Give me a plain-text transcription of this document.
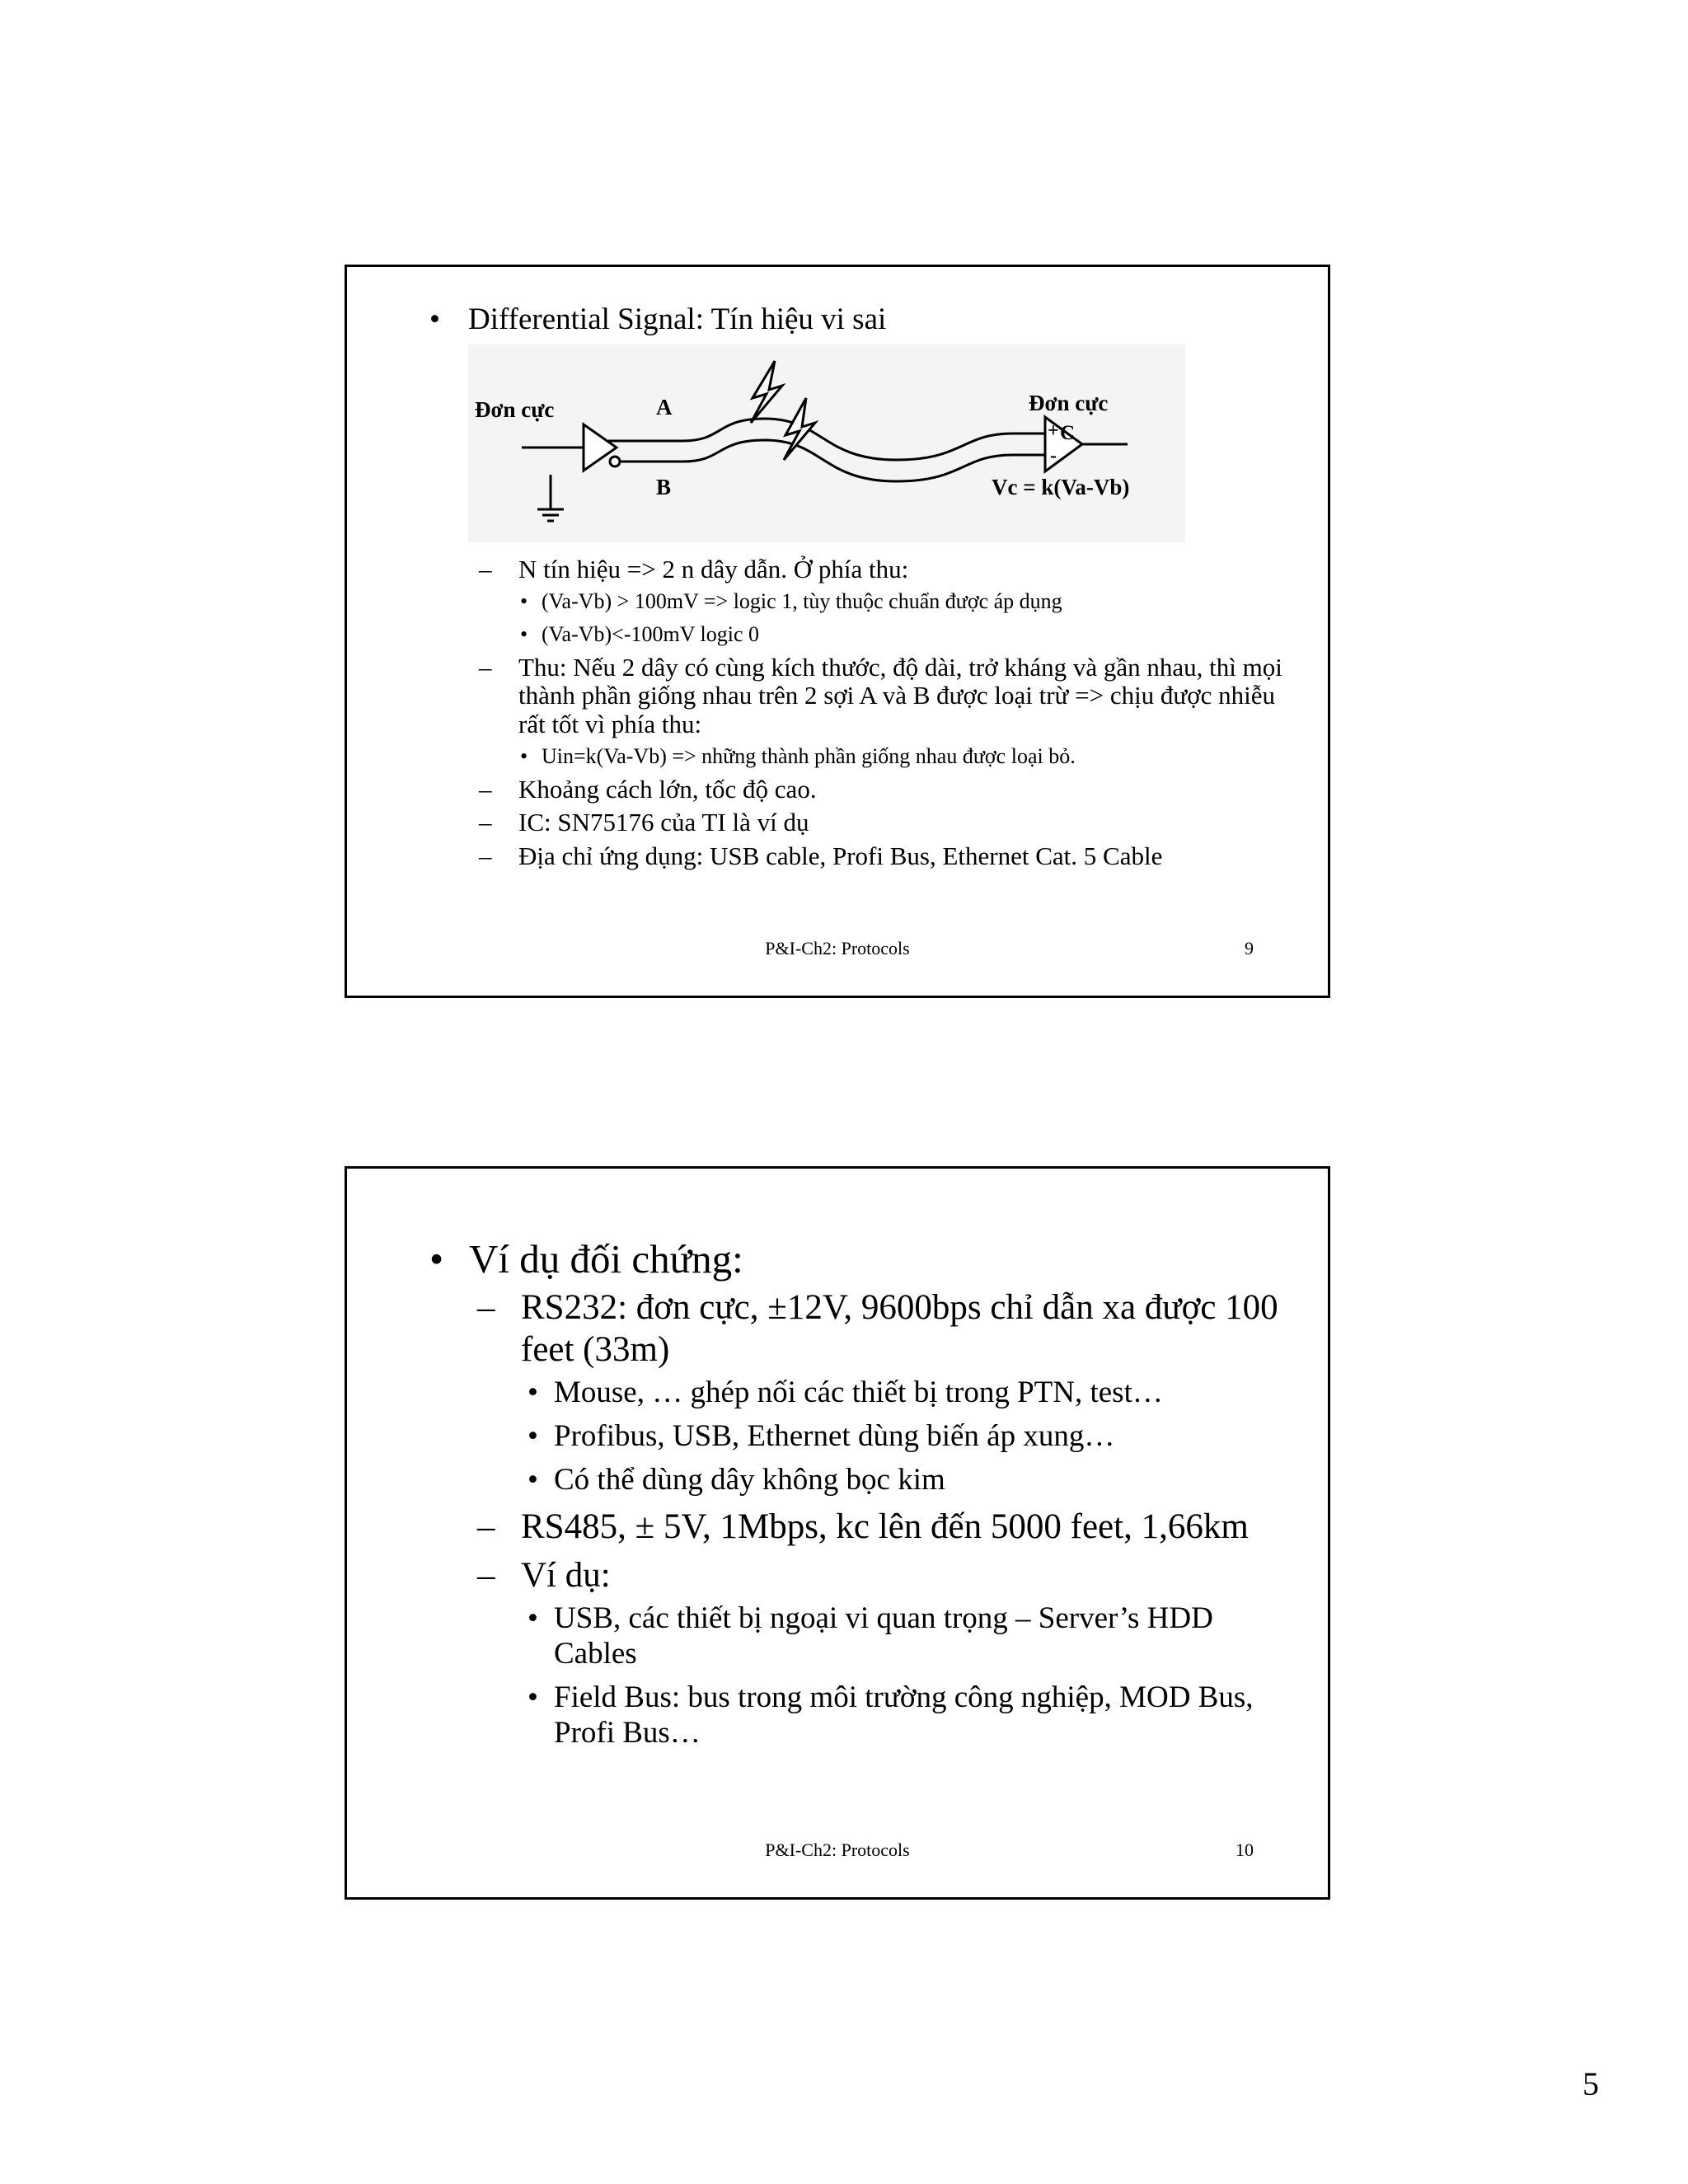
• Differential Signal: Tín hiệu vi sai
Đơn cực	A
B
+
-
Đơn cực
C
Vc = k(Va-Vb)
– N tín hiệu => 2 n dây dẫn. Ở phía thu:
• (Va-Vb) > 100mV => logic 1, tùy thuộc chuẩn được áp dụng
• (Va-Vb)<-100mV logic 0
– Thu: Nếu 2 dây có cùng kích thước, độ dài, trở kháng và gần nhau, thì mọi thành phần giống nhau trên 2 sợi A và B được loại trừ => chịu được nhiễu rất tốt vì phía thu:
• Uin=k(Va-Vb) => những thành phần giống nhau được loại bỏ.
– Khoảng cách lớn, tốc độ cao.
– IC: SN75176 của TI là ví dụ
– Địa chỉ ứng dụng: USB cable, Profi Bus, Ethernet Cat. 5 Cable
P&I-Ch2: Protocols	9
• Ví dụ đối chứng:
– RS232: đơn cực, ±12V, 9600bps chỉ dẫn xa được 100 feet (33m)
• Mouse, … ghép nối các thiết bị trong PTN, test…
• Profibus, USB, Ethernet dùng biến áp xung…
• Có thể dùng dây không bọc kim
– RS485, ± 5V, 1Mbps, kc lên đến 5000 feet, 1,66km
– Ví dụ:
• USB, các thiết bị ngoại vi quan trọng – Server’s HDD Cables
• Field Bus: bus trong môi trường công nghiệp, MOD Bus, Profi Bus…
P&I-Ch2: Protocols	10
5
